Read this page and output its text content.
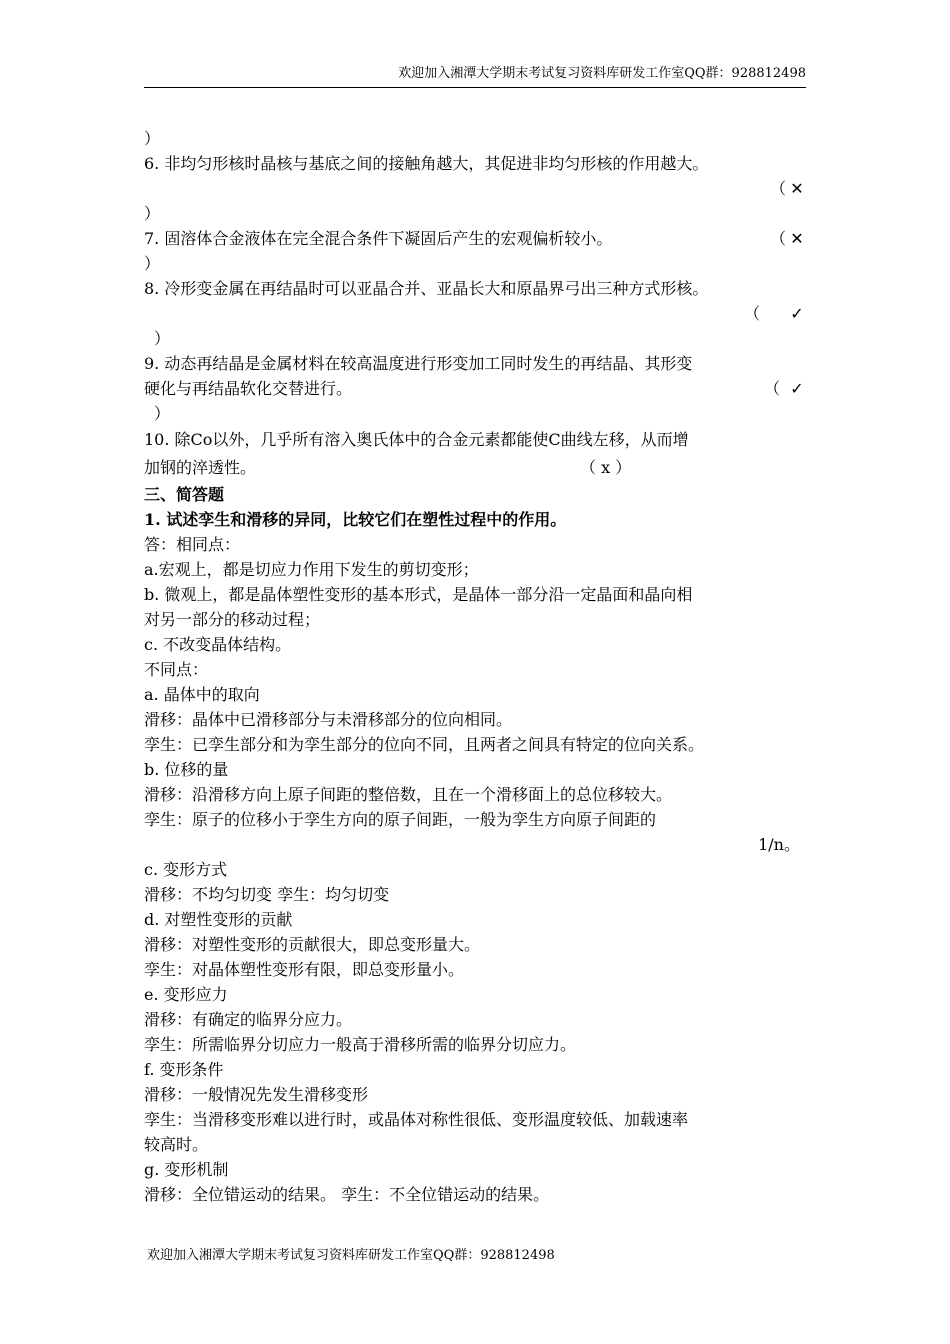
欢迎加入湘潭大学期末考试复习资料库研发工作室QQ群：928812498
）
6. 非均匀形核时晶核与基底之间的接触角越大，其促进非均匀形核的作用越大。
（ ✕
）
7. 固溶体合金液体在完全混合条件下凝固后产生的宏观偏析较小。	（ ✕
）
8. 冷形变金属在再结晶时可以亚晶合并、亚晶长大和原晶界弓出三种方式形核。
（ ✓
）
9. 动态再结晶是金属材料在较高温度进行形变加工同时发生的再结晶、其形变
硬化与再结晶软化交替进行。	（ ✓
）
10. 除Co以外，几乎所有溶入奥氏体中的合金元素都能使C曲线左移，从而增
加钢的淬透性。	（ x ）
三、简答题
1. 试述孪生和滑移的异同，比较它们在塑性过程中的作用。
答：相同点：
a.宏观上，都是切应力作用下发生的剪切变形；
b. 微观上，都是晶体塑性变形的基本形式，是晶体一部分沿一定晶面和晶向相
对另一部分的移动过程；
c. 不改变晶体结构。
不同点：
a. 晶体中的取向
滑移：晶体中已滑移部分与未滑移部分的位向相同。
孪生：已孪生部分和为孪生部分的位向不同，且两者之间具有特定的位向关系。
b. 位移的量
滑移：沿滑移方向上原子间距的整倍数，且在一个滑移面上的总位移较大。
孪生：原子的位移小于孪生方向的原子间距，一般为孪生方向原子间距的
1/n。
c. 变形方式
滑移：不均匀切变 孪生：均匀切变
d. 对塑性变形的贡献
滑移：对塑性变形的贡献很大，即总变形量大。
孪生：对晶体塑性变形有限，即总变形量小。
e. 变形应力
滑移：有确定的临界分应力。
孪生：所需临界分切应力一般高于滑移所需的临界分切应力。
f. 变形条件
滑移：一般情况先发生滑移变形
孪生：当滑移变形难以进行时，或晶体对称性很低、变形温度较低、加载速率
较高时。
g. 变形机制
滑移：全位错运动的结果。 孪生：不全位错运动的结果。
欢迎加入湘潭大学期末考试复习资料库研发工作室QQ群：928812498
